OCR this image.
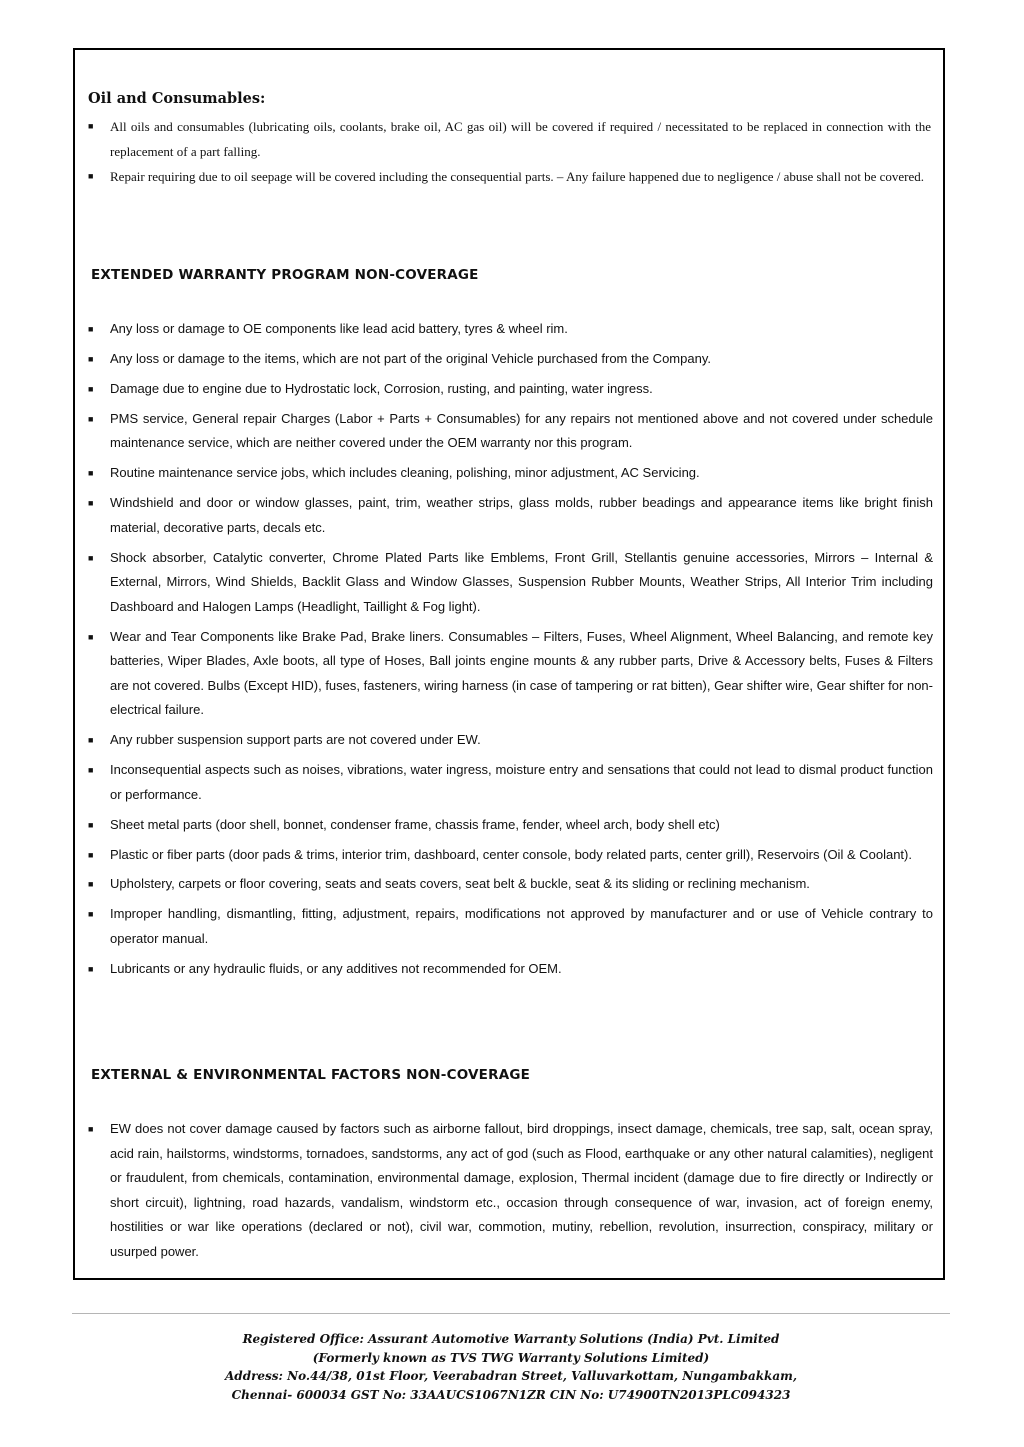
Oil and Consumables:
■ All oils and consumables (lubricating oils, coolants, brake oil, AC gas oil) will be covered if required / necessitated to be replaced in connection with the replacement of a part falling.
■ Repair requiring due to oil seepage will be covered including the consequential parts. – Any failure happened due to negligence / abuse shall not be covered.
EXTENDED WARRANTY PROGRAM NON-COVERAGE
■ Any loss or damage to OE components like lead acid battery, tyres & wheel rim.
■ Any loss or damage to the items, which are not part of the original Vehicle purchased from the Company.
■ Damage due to engine due to Hydrostatic lock, Corrosion, rusting, and painting, water ingress.
■ PMS service, General repair Charges (Labor + Parts + Consumables) for any repairs not mentioned above and not covered under schedule maintenance service, which are neither covered under the OEM warranty nor this program.
■ Routine maintenance service jobs, which includes cleaning, polishing, minor adjustment, AC Servicing.
■ Windshield and door or window glasses, paint, trim, weather strips, glass molds, rubber beadings and appearance items like bright finish material, decorative parts, decals etc.
■ Shock absorber, Catalytic converter, Chrome Plated Parts like Emblems, Front Grill, Stellantis genuine accessories, Mirrors – Internal & External, Mirrors, Wind Shields, Backlit Glass and Window Glasses, Suspension Rubber Mounts, Weather Strips, All Interior Trim including Dashboard and Halogen Lamps (Headlight, Taillight & Fog light).
■ Wear and Tear Components like Brake Pad, Brake liners. Consumables – Filters, Fuses, Wheel Alignment, Wheel Balancing, and remote key batteries, Wiper Blades, Axle boots, all type of Hoses, Ball joints engine mounts & any rubber parts, Drive & Accessory belts, Fuses & Filters are not covered. Bulbs (Except HID), fuses, fasteners, wiring harness (in case of tampering or rat bitten), Gear shifter wire, Gear shifter for non-electrical failure.
■ Any rubber suspension support parts are not covered under EW.
■ Inconsequential aspects such as noises, vibrations, water ingress, moisture entry and sensations that could not lead to dismal product function or performance.
■ Sheet metal parts (door shell, bonnet, condenser frame, chassis frame, fender, wheel arch, body shell etc)
■ Plastic or fiber parts (door pads & trims, interior trim, dashboard, center console, body related parts, center grill), Reservoirs (Oil & Coolant).
■ Upholstery, carpets or floor covering, seats and seats covers, seat belt & buckle, seat & its sliding or reclining mechanism.
■ Improper handling, dismantling, fitting, adjustment, repairs, modifications not approved by manufacturer and or use of Vehicle contrary to operator manual.
■ Lubricants or any hydraulic fluids, or any additives not recommended for OEM.
EXTERNAL & ENVIRONMENTAL FACTORS NON-COVERAGE
■ EW does not cover damage caused by factors such as airborne fallout, bird droppings, insect damage, chemicals, tree sap, salt, ocean spray, acid rain, hailstorms, windstorms, tornadoes, sandstorms, any act of god (such as Flood, earthquake or any other natural calamities), negligent or fraudulent, from chemicals, contamination, environmental damage, explosion, Thermal incident (damage due to fire directly or Indirectly or short circuit), lightning, road hazards, vandalism, windstorm etc., occasion through consequence of war, invasion, act of foreign enemy, hostilities or war like operations (declared or not), civil war, commotion, mutiny, rebellion, revolution, insurrection, conspiracy, military or usurped power.
Registered Office: Assurant Automotive Warranty Solutions (India) Pvt. Limited
(Formerly known as TVS TWG Warranty Solutions Limited)
Address: No.44/38, 01st Floor, Veerabadran Street, Valluvarkottam, Nungambakkam,
Chennai- 600034 GST No: 33AAUCS1067N1ZR CIN No: U74900TN2013PLC094323
